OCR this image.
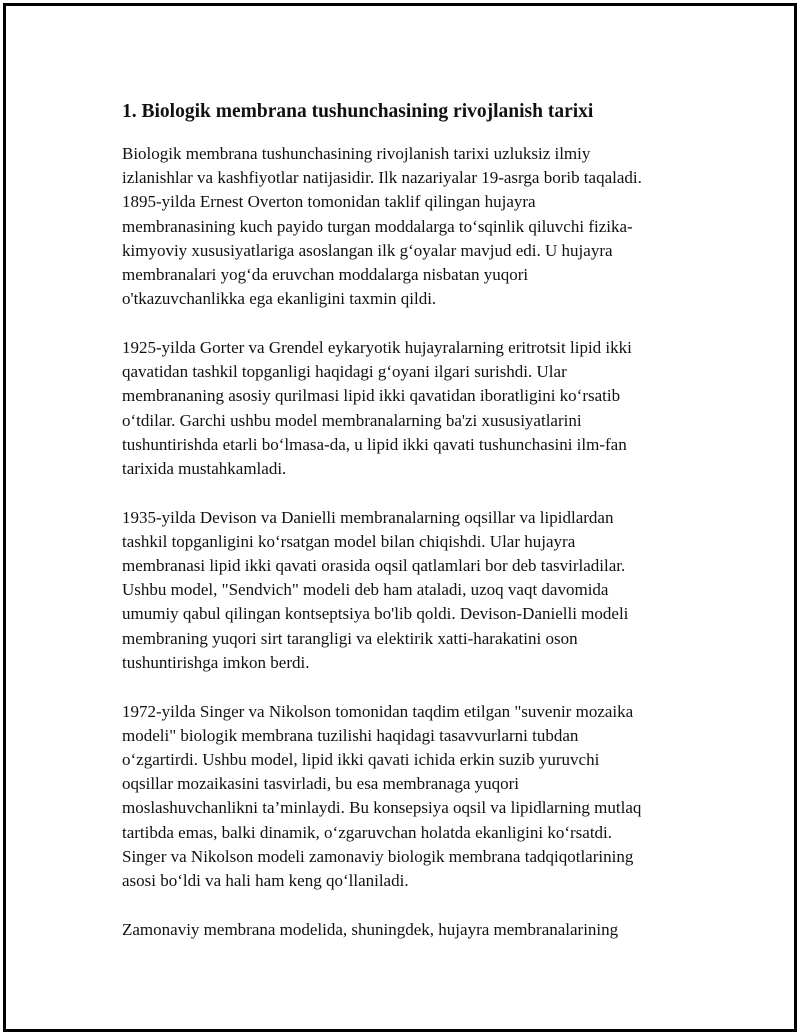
1. Biologik membrana tushunchasining rivojlanish tarixi
Biologik membrana tushunchasining rivojlanish tarixi uzluksiz ilmiy
izlanishlar va kashfiyotlar natijasidir. Ilk nazariyalar 19-asrga borib taqaladi.
1895-yilda Ernest Overton tomonidan taklif qilingan hujayra
membranasining kuch payido turgan moddalarga to‘sqinlik qiluvchi fizika-
kimyoviy xususiyatlariga asoslangan ilk g‘oyalar mavjud edi. U hujayra
membranalari yog‘da eruvchan moddalarga nisbatan yuqori
o'tkazuvchanlikka ega ekanligini taxmin qildi.
1925-yilda Gorter va Grendel eykaryotik hujayralarning eritrotsit lipid ikki
qavatidan tashkil topganligi haqidagi g‘oyani ilgari surishdi. Ular
membrananing asosiy qurilmasi lipid ikki qavatidan iboratligini ko‘rsatib
o‘tdilar. Garchi ushbu model membranalarning ba'zi xususiyatlarini
tushuntirishda etarli bo‘lmasa-da, u lipid ikki qavati tushunchasini ilm-fan
tarixida mustahkamladi.
1935-yilda Devison va Danielli membranalarning oqsillar va lipidlardan
tashkil topganligini ko‘rsatgan model bilan chiqishdi. Ular hujayra
membranasi lipid ikki qavati orasida oqsil qatlamlari bor deb tasvirladilar.
Ushbu model, "Sendvich" modeli deb ham ataladi, uzoq vaqt davomida
umumiy qabul qilingan kontseptsiya bo'lib qoldi. Devison-Danielli modeli
membraning yuqori sirt tarangligi va elektirik xatti-harakatini oson
tushuntirishga imkon berdi.
1972-yilda Singer va Nikolson tomonidan taqdim etilgan "suvenir mozaika
modeli" biologik membrana tuzilishi haqidagi tasavvurlarni tubdan
o‘zgartirdi. Ushbu model, lipid ikki qavati ichida erkin suzib yuruvchi
oqsillar mozaikasini tasvirladi, bu esa membranaga yuqori
moslashuvchanlikni ta’minlaydi. Bu konsepsiya oqsil va lipidlarning mutlaq
tartibda emas, balki dinamik, o‘zgaruvchan holatda ekanligini ko‘rsatdi.
Singer va Nikolson modeli zamonaviy biologik membrana tadqiqotlarining
asosi bo‘ldi va hali ham keng qo‘llaniladi.
Zamonaviy membrana modelida, shuningdek, hujayra membranalarining
